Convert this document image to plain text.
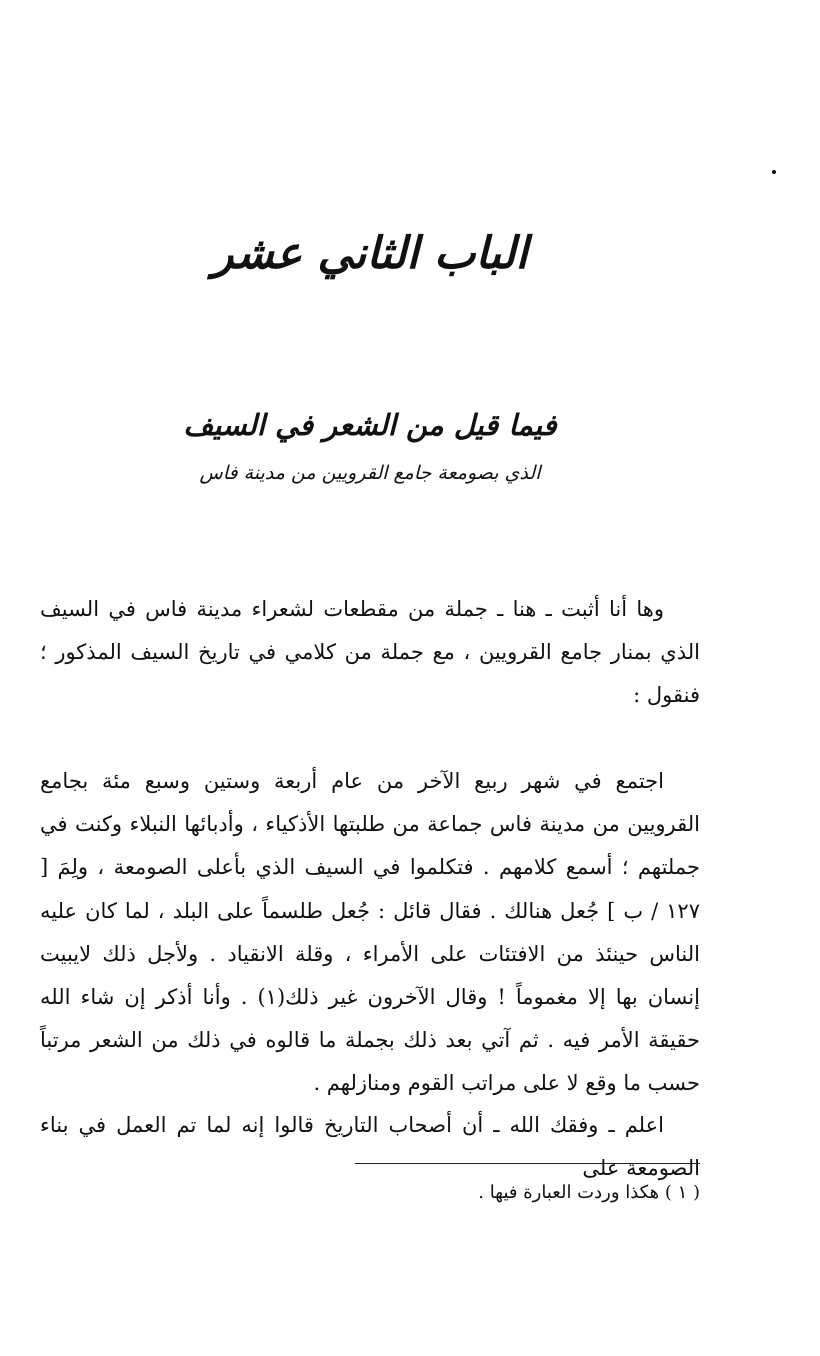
الباب الثاني عشر
فيما قيل من الشعر في السيف
الذي بصومعة جامع القرويين من مدينة فاس

وها أنا أثبت ـ هنا ـ جملة من مقطعات لشعراء مدينة فاس في السيف الذي بمنار جامع القرويين ، مع جملة من كلامي في تاريخ السيف المذكور ؛ فنقول :

اجتمع في شهر ربيع الآخر من عام أربعة وستين وسبع مئة بجامع القرويين من مدينة فاس جماعة من طلبتها الأذكياء ، وأدبائها النبلاء وكنت في جملتهم ؛ أسمع كلامهم . فتكلموا في السيف الذي بأعلى الصومعة ، ولِمَ [ ١٢٧ / ب ] جُعل هنالك . فقال قائل : جُعل طلسماً على البلد ، لما كان عليه الناس حينئذ من الافتئات على الأمراء ، وقلة الانقياد . ولأجل ذلك لايبيت إنسان بها إلا مغموماً ! وقال الآخرون غير ذلك(١) . وأنا أذكر إن شاء الله حقيقة الأمر فيه . ثم آتي بعد ذلك بجملة ما قالوه في ذلك من الشعر مرتباً حسب ما وقع لا على مراتب القوم ومنازلهم .

اعلم ـ وفقك الله ـ أن أصحاب التاريخ قالوا إنه لما تم العمل في بناء الصومعة على

( ١ ) هكذا وردت العبارة فيها .
